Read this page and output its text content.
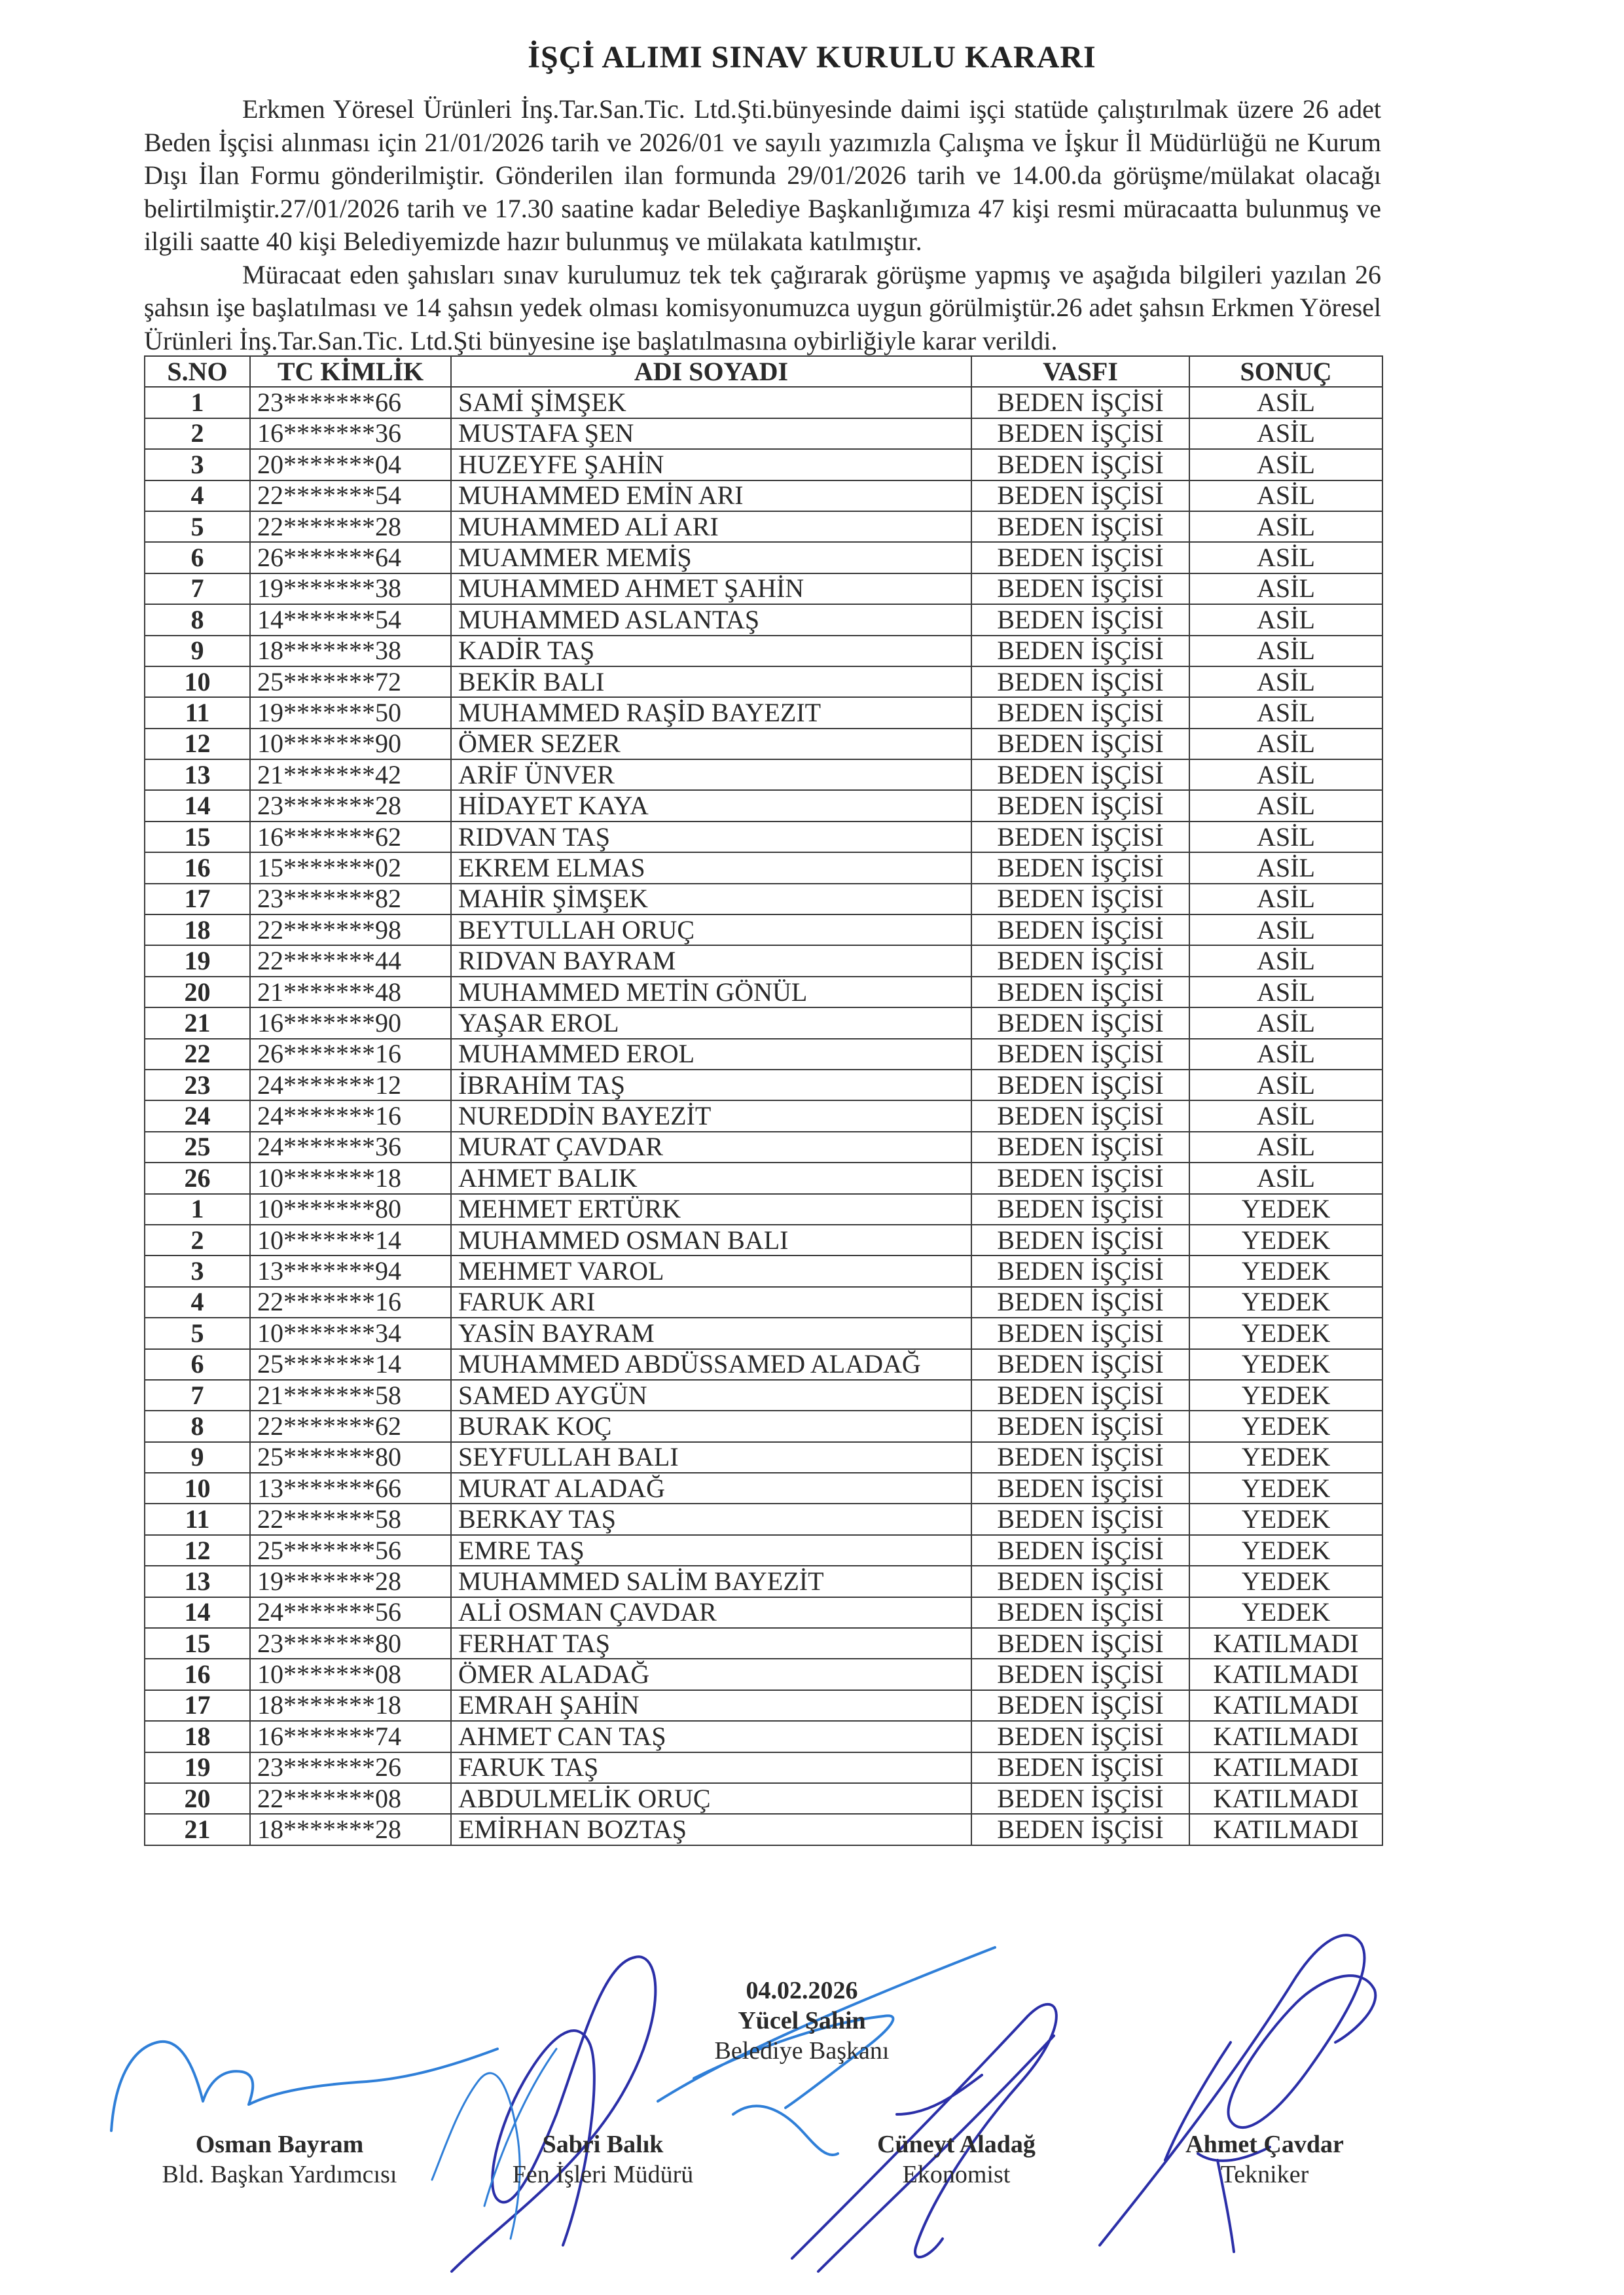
İŞÇİ ALIMI SINAV KURULU KARARI

Erkmen Yöresel Ürünleri İnş.Tar.San.Tic. Ltd.Şti.bünyesinde daimi işçi statüde çalıştırılmak üzere 26 adet Beden İşçisi alınması için 21/01/2026 tarih ve 2026/01 ve sayılı yazımızla Çalışma ve İşkur İl Müdürlüğü ne Kurum Dışı İlan Formu gönderilmiştir. Gönderilen ilan formunda 29/01/2026 tarih ve 14.00.da görüşme/mülakat olacağı belirtilmiştir.27/01/2026 tarih ve 17.30 saatine kadar Belediye Başkanlığımıza 47 kişi resmi müracaatta bulunmuş ve ilgili saatte 40 kişi Belediyemizde hazır bulunmuş ve mülakata katılmıştır.

Müracaat eden şahısları sınav kurulumuz tek tek çağırarak görüşme yapmış ve aşağıda bilgileri yazılan 26 şahsın işe başlatılması ve 14 şahsın yedek olması komisyonumuzca uygun görülmiştür.26 adet şahsın Erkmen Yöresel Ürünleri İnş.Tar.San.Tic. Ltd.Şti bünyesine işe başlatılmasına oybirliğiyle karar verildi.

S.NO	TC KİMLİK	ADI SOYADI	VASFI	SONUÇ
1	23*******66	SAMİ ŞİMŞEK	BEDEN İŞÇİSİ	ASİL
2	16*******36	MUSTAFA ŞEN	BEDEN İŞÇİSİ	ASİL
3	20*******04	HUZEYFE ŞAHİN	BEDEN İŞÇİSİ	ASİL
4	22*******54	MUHAMMED EMİN ARI	BEDEN İŞÇİSİ	ASİL
5	22*******28	MUHAMMED ALİ ARI	BEDEN İŞÇİSİ	ASİL
6	26*******64	MUAMMER MEMİŞ	BEDEN İŞÇİSİ	ASİL
7	19*******38	MUHAMMED AHMET ŞAHİN	BEDEN İŞÇİSİ	ASİL
8	14*******54	MUHAMMED ASLANTAŞ	BEDEN İŞÇİSİ	ASİL
9	18*******38	KADİR TAŞ	BEDEN İŞÇİSİ	ASİL
10	25*******72	BEKİR BALI	BEDEN İŞÇİSİ	ASİL
11	19*******50	MUHAMMED RAŞİD BAYEZIT	BEDEN İŞÇİSİ	ASİL
12	10*******90	ÖMER SEZER	BEDEN İŞÇİSİ	ASİL
13	21*******42	ARİF ÜNVER	BEDEN İŞÇİSİ	ASİL
14	23*******28	HİDAYET KAYA	BEDEN İŞÇİSİ	ASİL
15	16*******62	RIDVAN TAŞ	BEDEN İŞÇİSİ	ASİL
16	15*******02	EKREM ELMAS	BEDEN İŞÇİSİ	ASİL
17	23*******82	MAHİR ŞİMŞEK	BEDEN İŞÇİSİ	ASİL
18	22*******98	BEYTULLAH ORUÇ	BEDEN İŞÇİSİ	ASİL
19	22*******44	RIDVAN BAYRAM	BEDEN İŞÇİSİ	ASİL
20	21*******48	MUHAMMED METİN GÖNÜL	BEDEN İŞÇİSİ	ASİL
21	16*******90	YAŞAR EROL	BEDEN İŞÇİSİ	ASİL
22	26*******16	MUHAMMED EROL	BEDEN İŞÇİSİ	ASİL
23	24*******12	İBRAHİM TAŞ	BEDEN İŞÇİSİ	ASİL
24	24*******16	NUREDDİN BAYEZİT	BEDEN İŞÇİSİ	ASİL
25	24*******36	MURAT ÇAVDAR	BEDEN İŞÇİSİ	ASİL
26	10*******18	AHMET BALIK	BEDEN İŞÇİSİ	ASİL
1	10*******80	MEHMET ERTÜRK	BEDEN İŞÇİSİ	YEDEK
2	10*******14	MUHAMMED OSMAN BALI	BEDEN İŞÇİSİ	YEDEK
3	13*******94	MEHMET VAROL	BEDEN İŞÇİSİ	YEDEK
4	22*******16	FARUK ARI	BEDEN İŞÇİSİ	YEDEK
5	10*******34	YASİN BAYRAM	BEDEN İŞÇİSİ	YEDEK
6	25*******14	MUHAMMED ABDÜSSAMED ALADAĞ	BEDEN İŞÇİSİ	YEDEK
7	21*******58	SAMED AYGÜN	BEDEN İŞÇİSİ	YEDEK
8	22*******62	BURAK KOÇ	BEDEN İŞÇİSİ	YEDEK
9	25*******80	SEYFULLAH BALI	BEDEN İŞÇİSİ	YEDEK
10	13*******66	MURAT ALADAĞ	BEDEN İŞÇİSİ	YEDEK
11	22*******58	BERKAY TAŞ	BEDEN İŞÇİSİ	YEDEK
12	25*******56	EMRE TAŞ	BEDEN İŞÇİSİ	YEDEK
13	19*******28	MUHAMMED SALİM BAYEZİT	BEDEN İŞÇİSİ	YEDEK
14	24*******56	ALİ OSMAN ÇAVDAR	BEDEN İŞÇİSİ	YEDEK
15	23*******80	FERHAT TAŞ	BEDEN İŞÇİSİ	KATILMADI
16	10*******08	ÖMER ALADAĞ	BEDEN İŞÇİSİ	KATILMADI
17	18*******18	EMRAH ŞAHİN	BEDEN İŞÇİSİ	KATILMADI
18	16*******74	AHMET CAN TAŞ	BEDEN İŞÇİSİ	KATILMADI
19	23*******26	FARUK TAŞ	BEDEN İŞÇİSİ	KATILMADI
20	22*******08	ABDULMELİK ORUÇ	BEDEN İŞÇİSİ	KATILMADI
21	18*******28	EMİRHAN BOZTAŞ	BEDEN İŞÇİSİ	KATILMADI
04.02.2026
Yücel Şahin
Belediye Başkanı
Osman Bayram
Bld. Başkan Yardımcısı
Sabri Balık
Fen İşleri Müdürü
Cüneyt Aladağ
Ekonomist
Ahmet Çavdar
Tekniker
